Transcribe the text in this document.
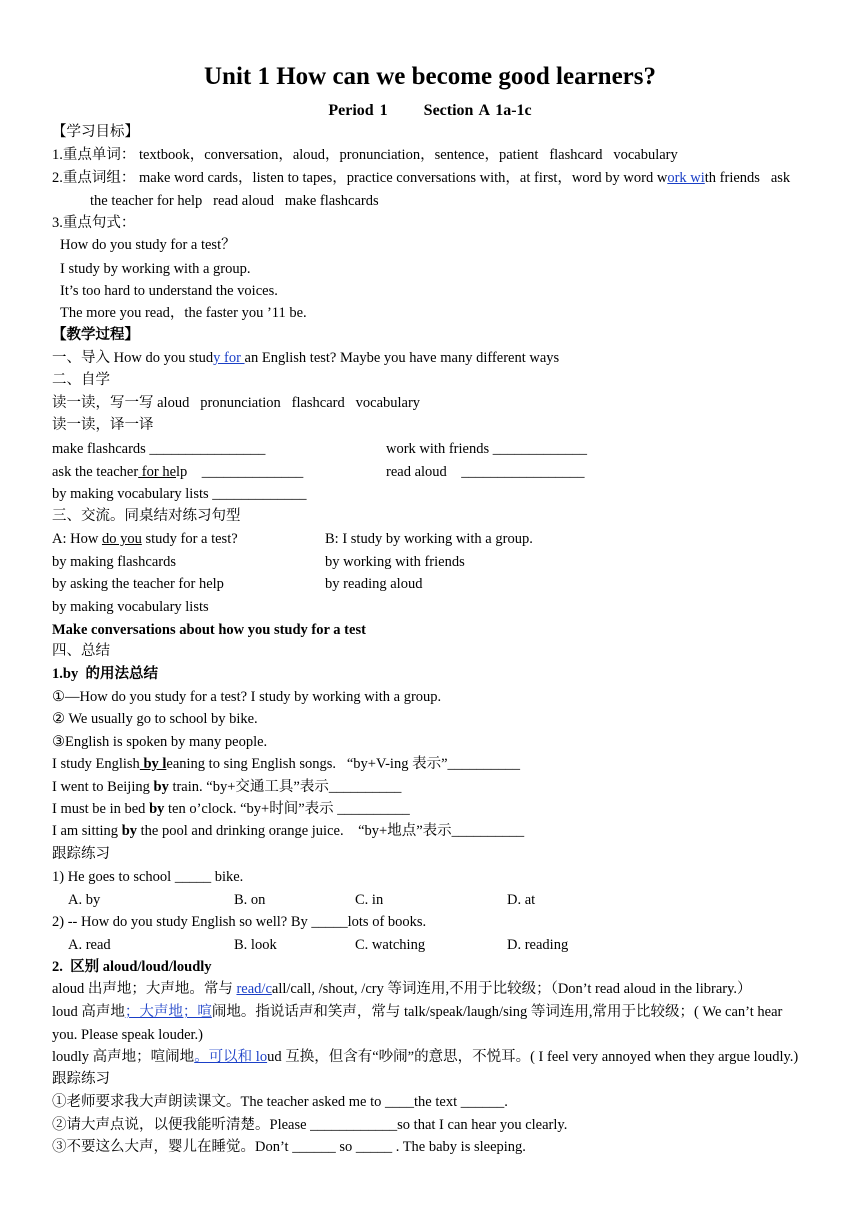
Unit 1 How can we become good learners?
Period 1      Section A 1a-1c
【学习目标】
1.重点单词： textbook，conversation，aloud，pronunciation，sentence，patient   flashcard   vocabulary
2.重点词组： make word cards，listen to tapes，practice conversations with，at first，word by word work with friends   ask
the teacher for help   read aloud   make flashcards
3.重点句式：
How do you study for a test？
I study by working with a group.
It’s too hard to understand the voices.
The more you read，the faster you ’11 be.
【教学过程】
一、导入 How do you study for an English test? Maybe you have many different ways
二、自学
读一读，写一写 aloud   pronunciation   flashcard   vocabulary
读一读，译一译
make flashcards ________________	work with friends _____________
ask the teacher for help    ______________	read aloud    _________________
by making vocabulary lists _____________
三、交流。同桌结对练习句型
A: How do you study for a test?	B: I study by working with a group.
by making flashcards	by working with friends
by asking the teacher for help	by reading aloud
by making vocabulary lists
Make conversations about how you study for a test
四、总结
1.by  的用法总结
①—How do you study for a test? I study by working with a group.
② We usually go to school by bike.
③English is spoken by many people.
I study English by leaning to sing English songs.   “by+V-ing 表示”__________
I went to Beijing by train. “by+交通工具”表示__________
I must be in bed by ten o’clock. “by+时间”表示 __________
I am sitting by the pool and drinking orange juice.    “by+地点”表示__________
跟踪练习
1) He goes to school _____ bike.
A. by	B. on	C. in	D. at
2) -- How do you study English so well? By _____lots of books.
A. read	B. look	C. watching	D. reading
2.  区别 aloud/loud/loudly
aloud 出声地；大声地。常与 read/call/call, /shout, /cry 等词连用,不用于比较级；（Don’t read aloud in the library.）
loud 高声地；大声地；喧闹地。指说话声和笑声，常与 talk/speak/laugh/sing 等词连用,常用于比较级；( We can’t hear
you. Please speak louder.)
loudly 高声地；喧闹地。可以和 loud 互换，但含有“吵闹”的意思，不悦耳。( I feel very annoyed when they argue loudly.)
跟踪练习
①老师要求我大声朗读课文。The teacher asked me to ____the text ______.
②请大声点说，以便我能听清楚。Please ____________so that I can hear you clearly.
③不要这么大声，婴儿在睡觉。Don’t ______ so _____ . The baby is sleeping.
